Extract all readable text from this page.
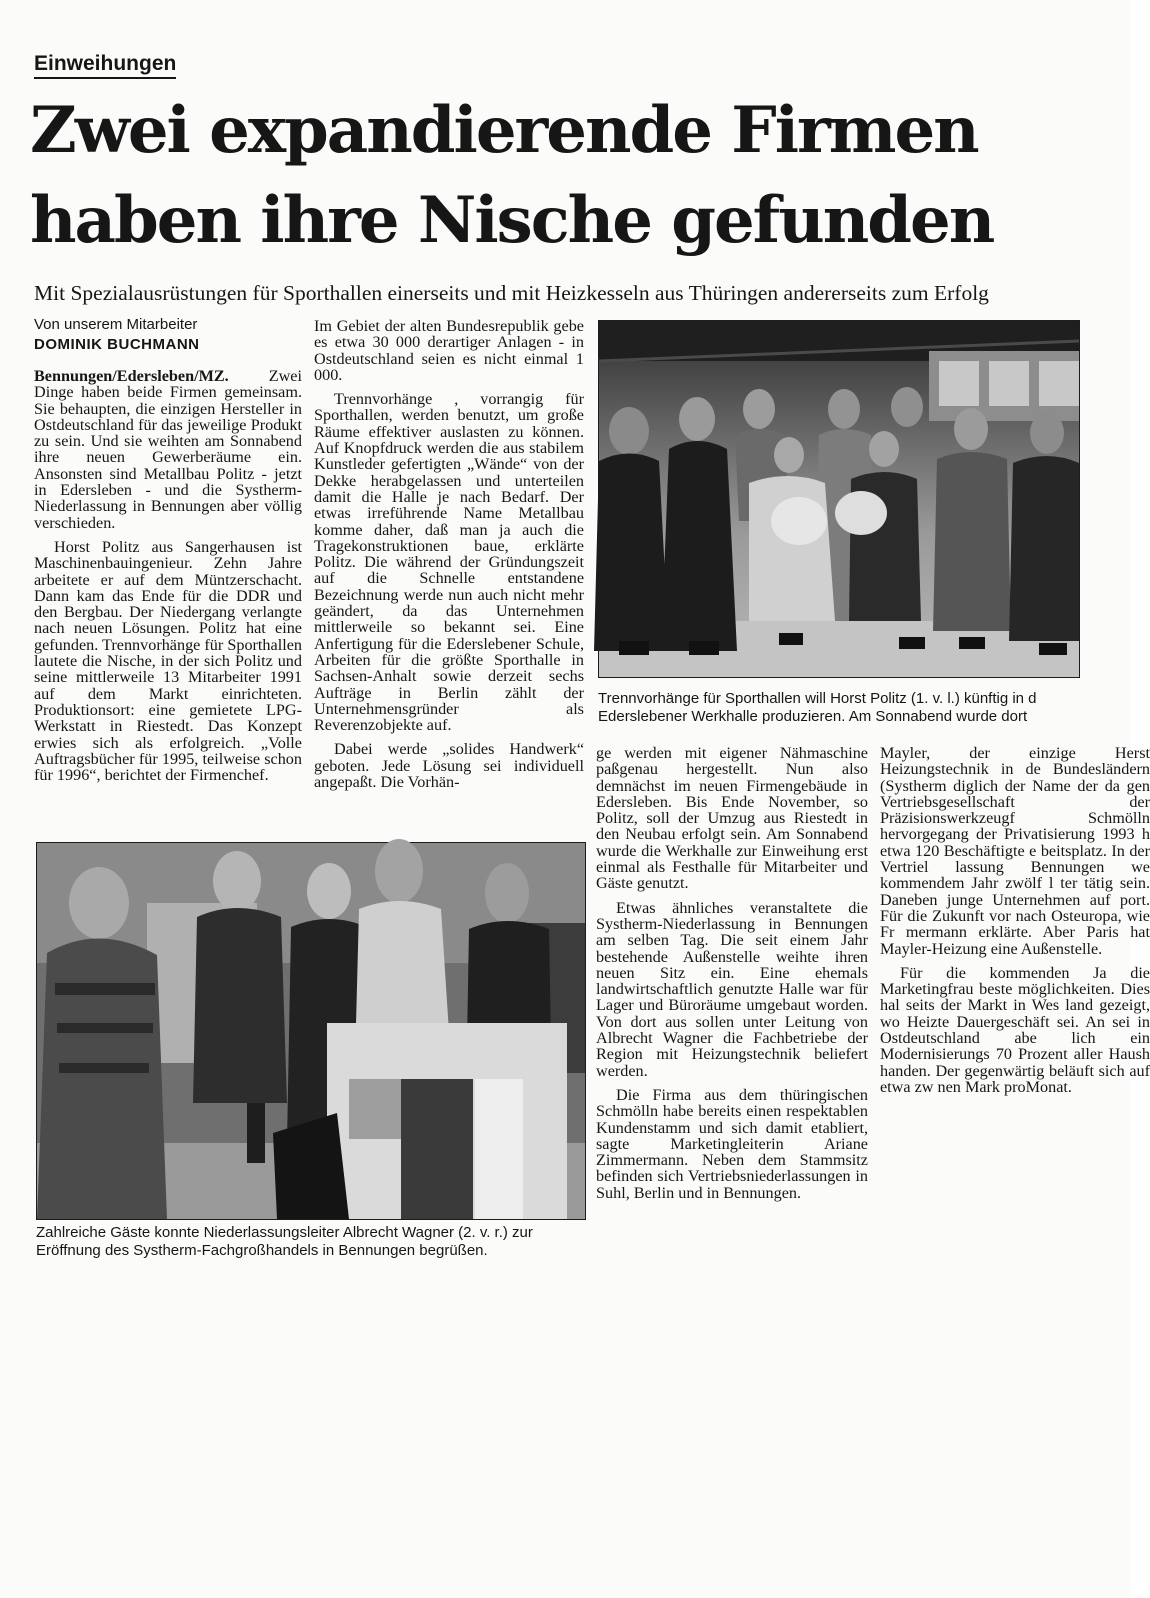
Einweihungen
Zwei expandierende Firmen
haben ihre Nische gefunden
Mit Spezialausrüstungen für Sporthallen einerseits und mit Heizkesseln aus Thüringen andererseits zum Erfolg
Von unserem Mitarbeiter
DOMINIK BUCHMANN

Bennungen/Edersleben/MZ. Zwei Dinge haben beide Firmen gemeinsam. Sie behaupten, die einzigen Hersteller in Ostdeutschland für das jeweilige Produkt zu sein. Und sie weihten am Sonnabend ihre neuen Gewerberäume ein. Ansonsten sind Metallbau Politz - jetzt in Edersleben - und die Systherm-Niederlassung in Bennungen aber völlig verschieden.

Horst Politz aus Sangerhausen ist Maschinenbauingenieur. Zehn Jahre arbeitete er auf dem Müntzerschacht. Dann kam das Ende für die DDR und den Bergbau. Der Niedergang verlangte nach neuen Lösungen. Politz hat eine gefunden. Trennvorhänge für Sporthallen lautete die Nische, in der sich Politz und seine mittlerweile 13 Mitarbeiter 1991 auf dem Markt einrichteten. Produktionsort: eine gemietete LPG-Werkstatt in Riestedt. Das Konzept erwies sich als erfolgreich. „Volle Auftragsbücher für 1995, teilweise schon für 1996“, berichtet der Firmenchef.

Im Gebiet der alten Bundesrepublik gebe es etwa 30 000 derartiger Anlagen - in Ostdeutschland seien es nicht einmal 1 000.

Trennvorhänge , vorrangig für Sporthallen, werden benutzt, um große Räume effektiver auslasten zu können. Auf Knopfdruck werden die aus stabilem Kunstleder gefertigten „Wände“ von der Dekke herabgelassen und unterteilen damit die Halle je nach Bedarf. Der etwas irreführende Name Metallbau komme daher, daß man ja auch die Tragekonstruktionen baue, erklärte Politz. Die während der Gründungszeit auf die Schnelle entstandene Bezeichnung werde nun auch nicht mehr geändert, da das Unternehmen mittlerweile so bekannt sei. Eine Anfertigung für die Ederslebener Schule, Arbeiten für die größte Sporthalle in Sachsen-Anhalt sowie derzeit sechs Aufträge in Berlin zählt der Unternehmensgründer als Reverenzobjekte auf.

Dabei werde „solides Handwerk“ geboten. Jede Lösung sei individuell angepaßt. Die Vorhän-

Trennvorhänge für Sporthallen will Horst Politz (1. v. l.) künftig in d
Ederslebener Werkhalle produzieren. Am Sonnabend wurde dort

ge werden mit eigener Nähmaschine paßgenau hergestellt. Nun also demnächst im neuen Firmengebäude in Edersleben. Bis Ende November, so Politz, soll der Umzug aus Riestedt in den Neubau erfolgt sein. Am Sonnabend wurde die Werkhalle zur Einweihung erst einmal als Festhalle für Mitarbeiter und Gäste genutzt.

Etwas ähnliches veranstaltete die Systherm-Niederlassung in Bennungen am selben Tag. Die seit einem Jahr bestehende Außenstelle weihte ihren neuen Sitz ein. Eine ehemals landwirtschaftlich genutzte Halle war für Lager und Büroräume umgebaut worden. Von dort aus sollen unter Leitung von Albrecht Wagner die Fachbetriebe der Region mit Heizungstechnik beliefert werden.

Die Firma aus dem thüringischen Schmölln habe bereits einen respektablen Kundenstamm und sich damit etabliert, sagte Marketingleiterin Ariane Zimmermann. Neben dem Stammsitz befinden sich Vertriebsniederlassungen in Suhl, Berlin und in Bennungen.

Mayler, der einzige Herst Heizungstechnik in de Bundesländern (Systherm diglich der Name der da gen Vertriebsgesellschaft der Präzisionswerkzeugf Schmölln hervorgegang der Privatisierung 1993 h etwa 120 Beschäftigte e beitsplatz. In der Vertriel lassung Bennungen we kommendem Jahr zwölf l ter tätig sein. Daneben junge Unternehmen auf port. Für die Zukunft vor nach Osteuropa, wie Fr mermann erklärte. Aber Paris hat Mayler-Heizung eine Außenstelle.

Für die kommenden Ja die Marketingfrau beste möglichkeiten. Dies hal seits der Markt in Wes land gezeigt, wo Heizte Dauergeschäft sei. An sei in Ostdeutschland abe lich ein Modernisierungs 70 Prozent aller Haush handen. Der gegenwärtig beläuft sich auf etwa zw nen Mark proMonat.

Zahlreiche Gäste konnte Niederlassungsleiter Albrecht Wagner (2. v. r.) zur
Eröffnung des Systherm-Fachgroßhandels in Bennungen begrüßen.
